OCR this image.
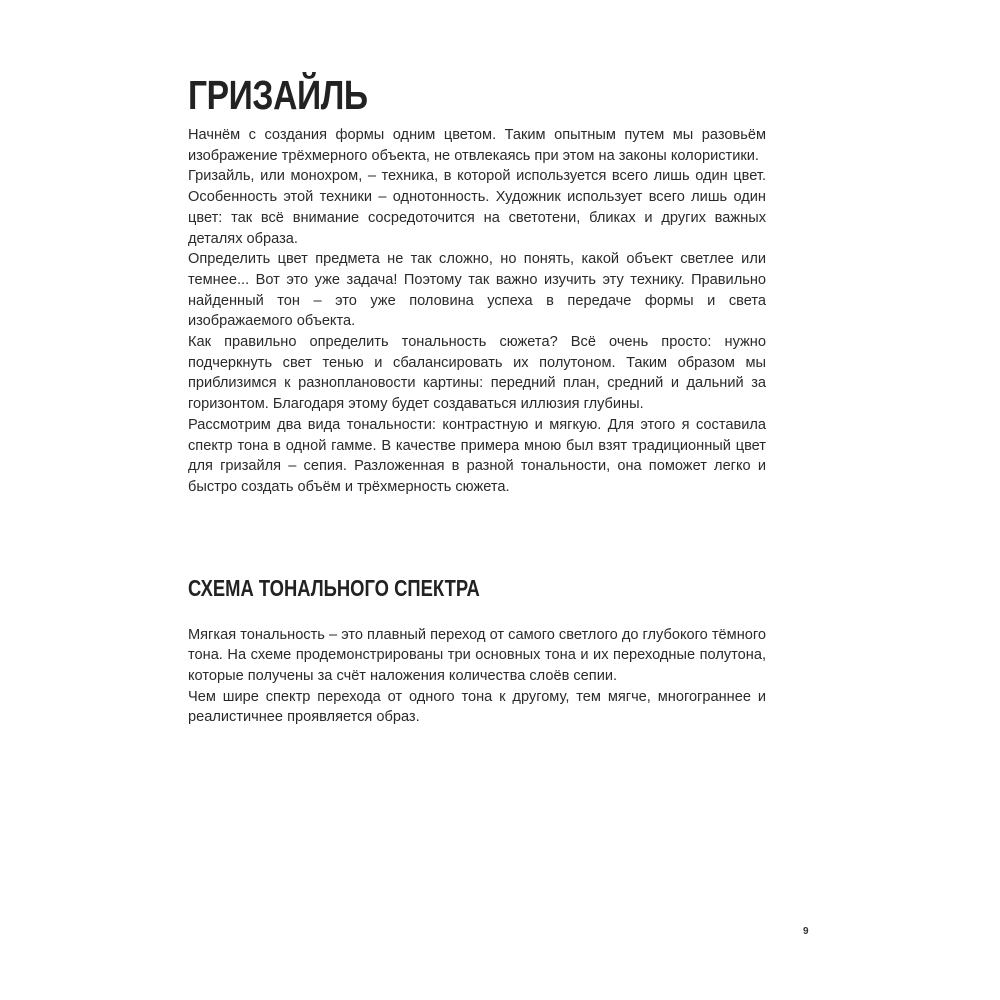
ГРИЗАЙЛЬ

Начнём с создания формы одним цветом. Таким опытным путем мы разовьём изображение трёхмерного объекта, не отвлекаясь при этом на законы колористики.

Гризайль, или монохром, – техника, в которой используется всего лишь один цвет. Особенность этой техники – однотонность. Художник использует всего лишь один цвет: так всё внимание сосредоточится на светотени, бликах и других важных деталях образа.

Определить цвет предмета не так сложно, но понять, какой объект светлее или темнее... Вот это уже задача! Поэтому так важно изучить эту технику. Правильно найденный тон – это уже половина успеха в передаче формы и света изображаемого объекта.

Как правильно определить тональность сюжета? Всё очень просто: нужно подчеркнуть свет тенью и сбалансировать их полутоном. Таким образом мы приблизимся к разноплановости картины: передний план, средний и дальний за горизонтом. Благодаря этому будет создаваться иллюзия глубины.

Рассмотрим два вида тональности: контрастную и мягкую. Для этого я составила спектр тона в одной гамме. В качестве примера мною был взят традиционный цвет для гризайля – сепия. Разложенная в разной тональности, она поможет легко и быстро создать объём и трёхмерность сюжета.

СХЕМА ТОНАЛЬНОГО СПЕКТРА

Мягкая тональность – это плавный переход от самого светлого до глубокого тёмного тона. На схеме продемонстрированы три основных тона и их переходные полутона, которые получены за счёт наложения количества слоёв сепии.

Чем шире спектр перехода от одного тона к другому, тем мягче, многограннее и реалистичнее проявляется образ.

9
